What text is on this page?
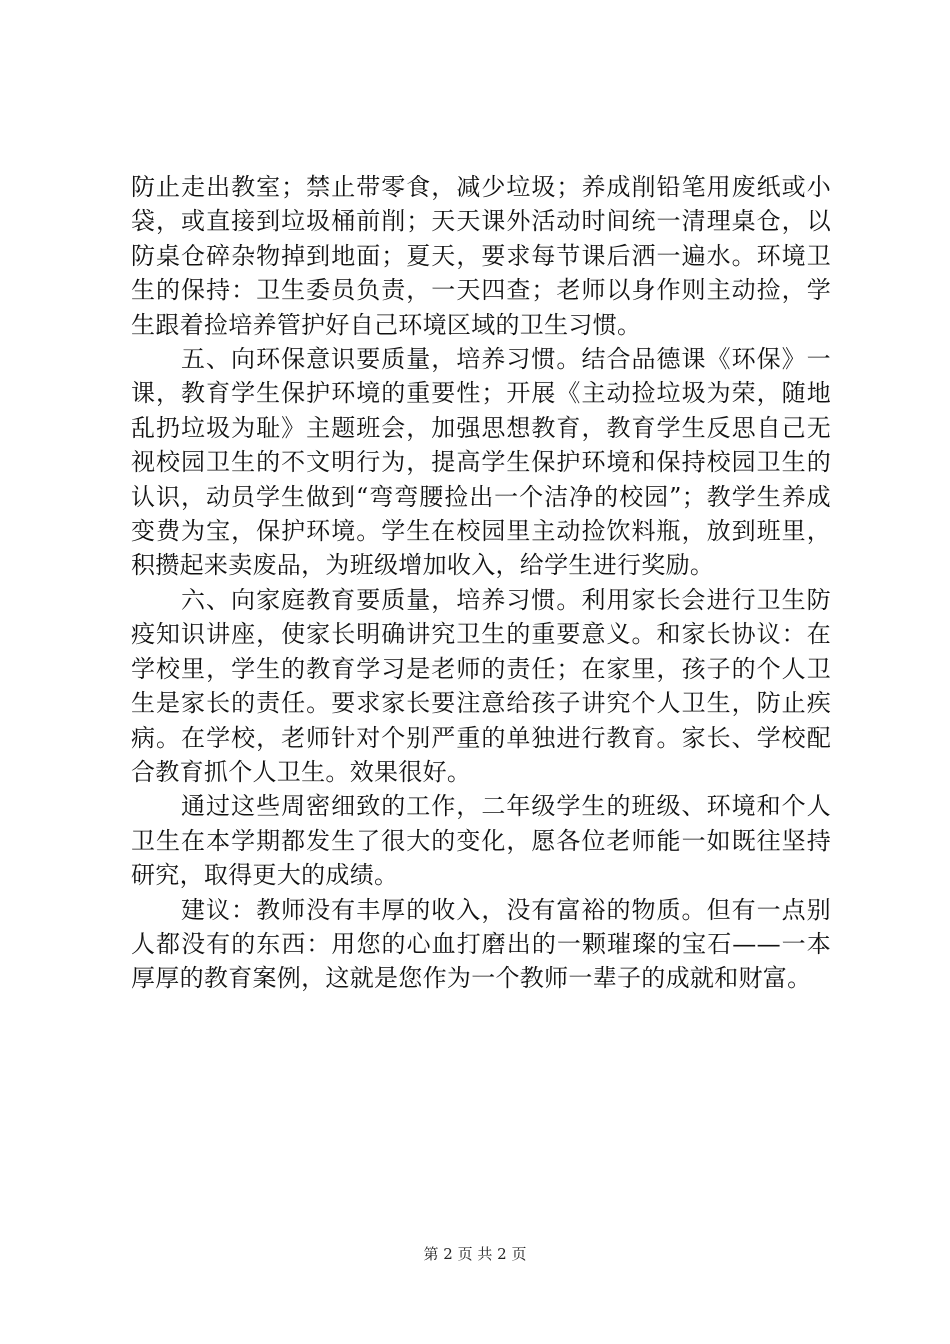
防止走出教室；禁止带零食，减少垃圾；养成削铅笔用废纸或小袋，或直接到垃圾桶前削；天天课外活动时间统一清理桌仓，以防桌仓碎杂物掉到地面；夏天，要求每节课后洒一遍水。环境卫生的保持：卫生委员负责，一天四查；老师以身作则主动捡，学生跟着捡培养管护好自己环境区域的卫生习惯。

五、向环保意识要质量，培养习惯。结合品德课《环保》一课，教育学生保护环境的重要性；开展《主动捡垃圾为荣，随地乱扔垃圾为耻》主题班会，加强思想教育，教育学生反思自己无视校园卫生的不文明行为，提高学生保护环境和保持校园卫生的认识，动员学生做到“弯弯腰捡出一个洁净的校园”；教学生养成变费为宝，保护环境。学生在校园里主动捡饮料瓶，放到班里，积攒起来卖废品，为班级增加收入，给学生进行奖励。

六、向家庭教育要质量，培养习惯。利用家长会进行卫生防疫知识讲座，使家长明确讲究卫生的重要意义。和家长协议：在学校里，学生的教育学习是老师的责任；在家里，孩子的个人卫生是家长的责任。要求家长要注意给孩子讲究个人卫生，防止疾病。在学校，老师针对个别严重的单独进行教育。家长、学校配合教育抓个人卫生。效果很好。

通过这些周密细致的工作，二年级学生的班级、环境和个人卫生在本学期都发生了很大的变化，愿各位老师能一如既往坚持研究，取得更大的成绩。

建议：教师没有丰厚的收入，没有富裕的物质。但有一点别人都没有的东西：用您的心血打磨出的一颗璀璨的宝石——一本厚厚的教育案例，这就是您作为一个教师一辈子的成就和财富。

第 2 页 共 2 页
